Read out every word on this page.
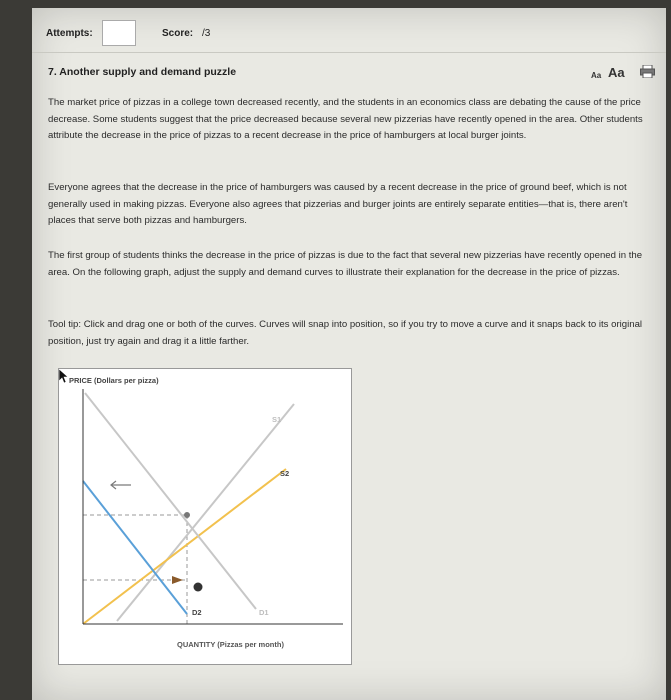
Attempts:	Score: /3
7. Another supply and demand puzzle	Aa Aa

The market price of pizzas in a college town decreased recently, and the students in an economics class are debating the cause of the price decrease. Some students suggest that the price decreased because several new pizzerias have recently opened in the area. Other students attribute the decrease in the price of pizzas to a recent decrease in the price of hamburgers at local burger joints.

Everyone agrees that the decrease in the price of hamburgers was caused by a recent decrease in the price of ground beef, which is not generally used in making pizzas. Everyone also agrees that pizzerias and burger joints are entirely separate entities—that is, there aren't places that serve both pizzas and hamburgers.

The first group of students thinks the decrease in the price of pizzas is due to the fact that several new pizzerias have recently opened in the area. On the following graph, adjust the supply and demand curves to illustrate their explanation for the decrease in the price of pizzas.

Tool tip: Click and drag one or both of the curves. Curves will snap into position, so if you try to move a curve and it snaps back to its original position, just try again and drag it a little farther.

PRICE (Dollars per pizza)
S1
S2
D1
D2
QUANTITY (Pizzas per month)
